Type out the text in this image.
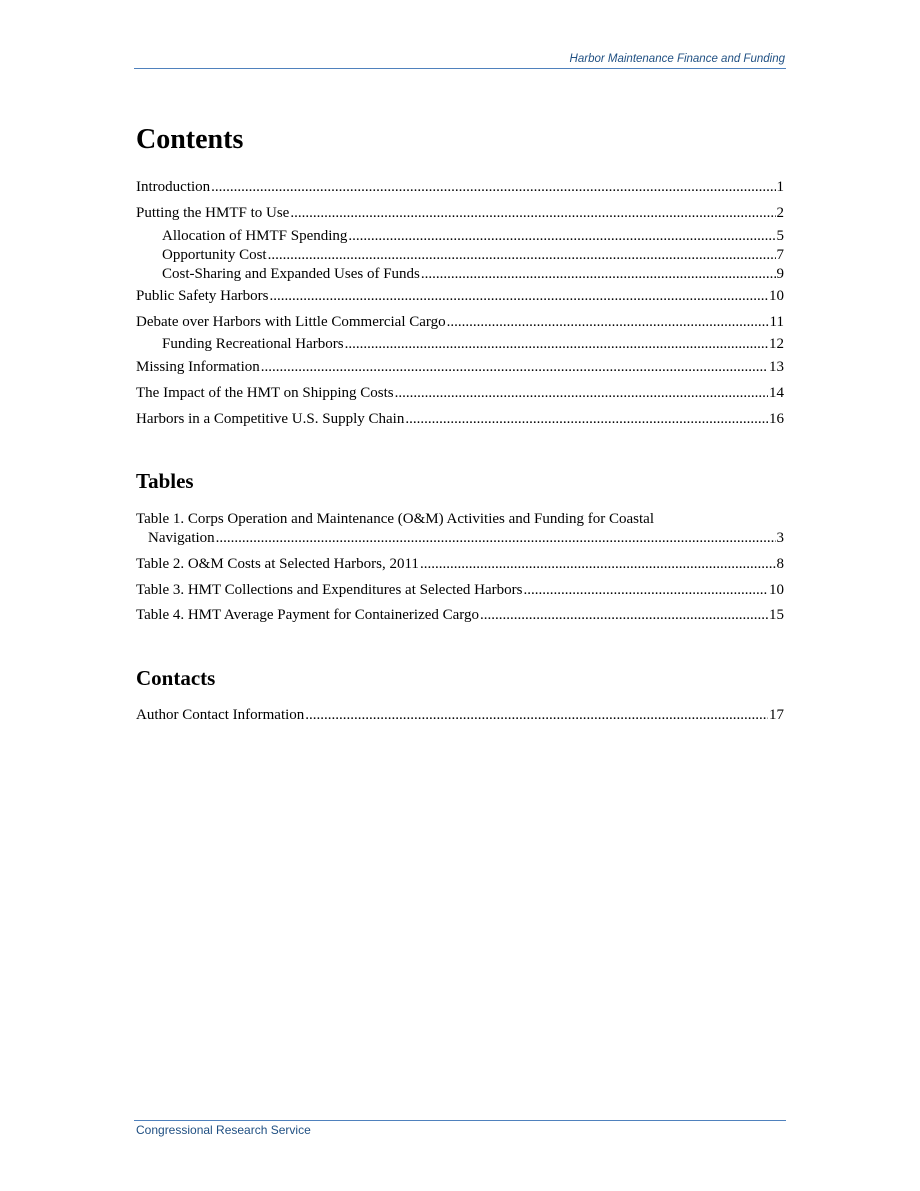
Harbor Maintenance Finance and Funding
Contents
Introduction .....	1
Putting the HMTF to Use .....	2
Allocation of HMTF Spending .....	5
Opportunity Cost .....	7
Cost-Sharing and Expanded Uses of Funds .....	9
Public Safety Harbors .....	10
Debate over Harbors with Little Commercial Cargo .....	11
Funding Recreational Harbors .....	12
Missing Information .....	13
The Impact of the HMT on Shipping Costs .....	14
Harbors in a Competitive U.S. Supply Chain .....	16
Tables
Table 1. Corps Operation and Maintenance (O&M) Activities and Funding for Coastal
Navigation .....	3
Table 2. O&M Costs at Selected Harbors, 2011 .....	8
Table 3. HMT Collections and Expenditures at Selected Harbors .....	10
Table 4. HMT Average Payment for Containerized Cargo .....	15
Contacts
Author Contact Information .....	17
Congressional Research Service
